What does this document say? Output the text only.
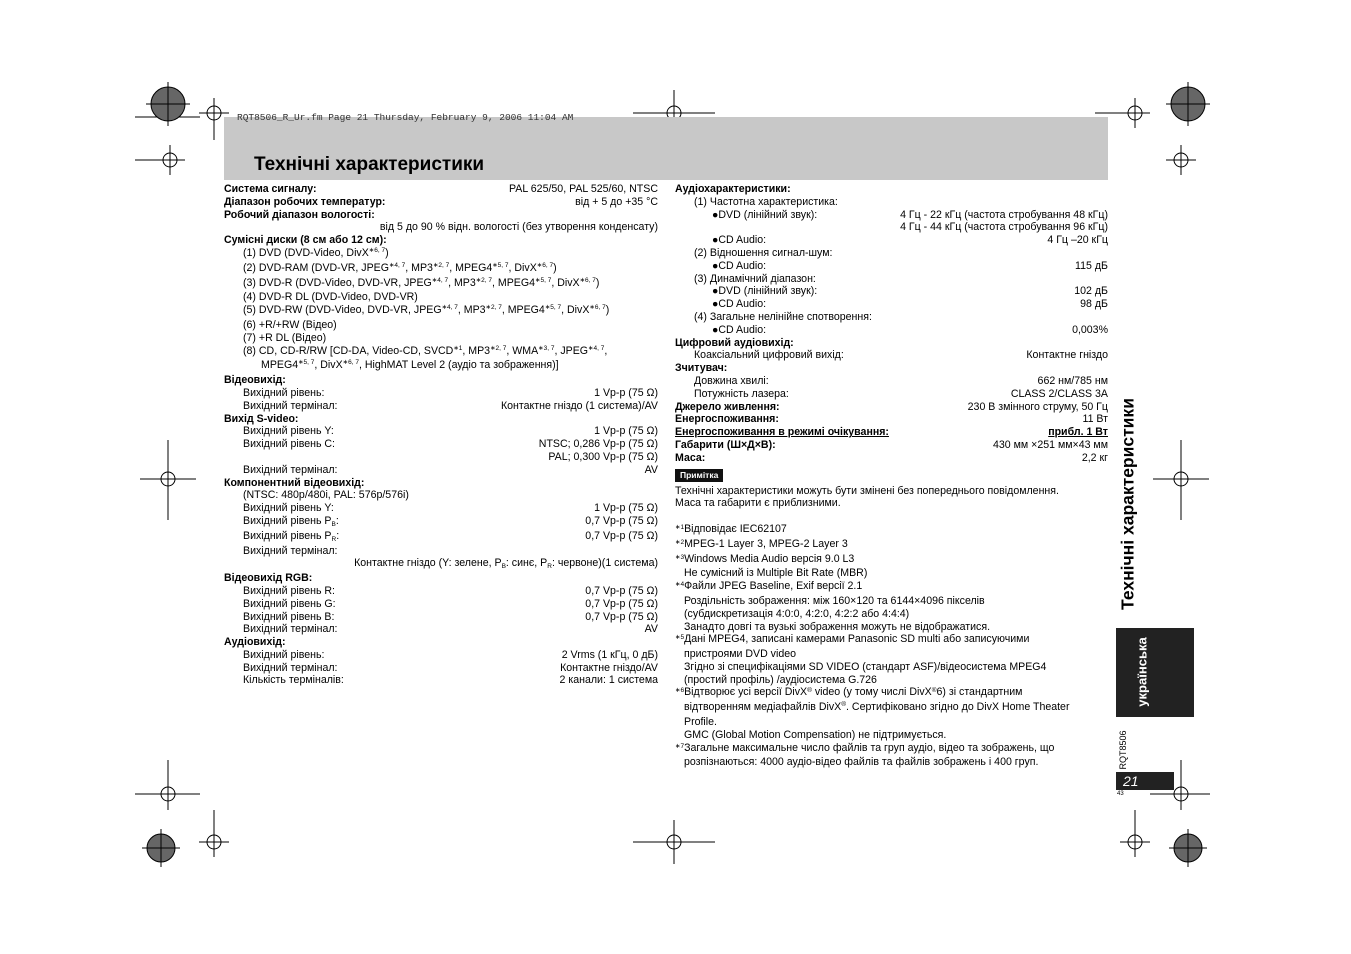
RQT8506_R_Ur.fm Page 21 Thursday, February 9, 2006 11:04 AM
Технічні характеристики
Система сигналу:	PAL 625/50, PAL 525/60, NTSC
Діапазон робочих температур:	від + 5 до +35 °C
Робочий діапазон вологості:
від 5 до 90 % відн. вологості (без утворення конденсату)
Сумісні диски (8 см або 12 см):
(1) DVD (DVD-Video, DivX$^{∗6, 7}$)
(2) DVD-RAM (DVD-VR, $JPEG^{∗4, 7}$, $MP3^{∗2, 7}$, $MPEG4^{∗5, 7}$, DivX$^{∗6, 7}$)
(3) DVD-R (DVD-Video, DVD-VR, $JPEG^{∗4, 7}$, $MP3^{∗2, 7}$, $MPEG4^{∗5, 7}$, DivX$^{∗6, 7}$)
(4) DVD-R DL (DVD-Video, DVD-VR)
(5) DVD-RW (DVD-Video, DVD-VR, $JPEG^{∗4, 7}$, $MP3^{∗2, 7}$, $MPEG4^{∗5, 7}$, DivX$^{∗6, 7}$)
(6) +R/+RW (Відео)
(7) +R DL (Відео)
(8) CD, CD-R/RW [CD-DA, Video-CD, $SVCD^{∗1}$, $MP3^{∗2, 7}$, $WMA^{∗3, 7}$, $JPEG^{∗4, 7}$,
$MPEG4^{∗5, 7}$, DivX$^{∗6, 7}$, HighMAT Level 2 (аудіо та зображення)]
Відеовихід:
Вихідний рівень:	1 Vp-p (75 Ω)
Вихідний термінал:	Контактне гніздо (1 система)/AV
Вихід S-video:
Вихідний рівень Y:	1 Vp-p (75 Ω)
Вихідний рівень C:	NTSC; 0,286 Vp-p (75 Ω)
PAL; 0,300 Vp-p (75 Ω)
Вихідний термінал:	AV
Компонентний відеовихід:
(NTSC: 480p/480i, PAL: 576p/576i)
Вихідний рівень Y:	1 Vp-p (75 Ω)
Вихідний рівень PB:	0,7 Vp-p (75 Ω)
Вихідний рівень PR:	0,7 Vp-p (75 Ω)
Вихідний термінал:
Контактне гніздо (Y: зелене, PB: синє, PR: червоне)(1 система)
Відеовихід RGB:
Вихідний рівень R:	0,7 Vp-p (75 Ω)
Вихідний рівень G:	0,7 Vp-p (75 Ω)
Вихідний рівень B:	0,7 Vp-p (75 Ω)
Вихідний термінал:	AV
Аудіовихід:
Вихідний рівень:	2 Vrms (1 кГц, 0 дБ)
Вихідний термінал:	Контактне гніздо/AV
Кількість терміналів:	2 канали: 1 система
Аудіохарактеристики:
(1) Частотна характеристика:
●DVD (лінійний звук):	4 Гц - 22 кГц (частота стробування 48 кГц)
4 Гц - 44 кГц (частота стробування 96 кГц)
●CD Audio:	4 Гц –20 кГц
(2) Відношення сигнал-шум:
●CD Audio:	115 дБ
(3) Динамічний діапазон:
●DVD (лінійний звук):	102 дБ
●CD Audio:	98 дБ
(4) Загальне нелінійне спотворення:
●CD Audio:	0,003%
Цифровий аудіовихід:
Коаксіальний цифровий вихід:	Контактне гніздо
Зчитувач:
Довжина хвилі:	662 нм/785 нм
Потужність лазера:	CLASS 2/CLASS 3A
Джерело живлення:	230 В змінного струму, 50 Гц
Енергоспоживання:	11 Вт
Енергоспоживання в режимі очікування:	прибл. 1 Вт
Габарити (Ш×Д×В):	430 мм ×251 мм×43 мм
Маса:	2,2 кг
Примітка
Технічні характеристики можуть бути змінені без попереднього повідомлення.
Маса та габарити є приблизними.
$^{∗1}$Відповідає IEC62107
$^{∗2}$MPEG-1 Layer 3, MPEG-2 Layer 3
$^{∗3}$Windows Media Audio версія 9.0 L3
Не сумісний із Multiple Bit Rate (MBR)
$^{∗4}$Файли JPEG Baseline, Exif версії 2.1
Роздільність зображення: між 160×120 та 6144×4096 пікселів
(субдискретизація 4:0:0, 4:2:0, 4:2:2 або 4:4:4)
Занадто довгі та вузькі зображення можуть не відображатися.
$^{∗5}$Дані MPEG4, записані камерами Panasonic SD multi або записуючими
пристроями DVD video
Згідно зі специфікаціями SD VIDEO (стандарт ASF)/відеосистема MPEG4
(простий профіль) /аудіосистема G.726
$^{∗6}$Відтворює усі версії DivX® video (у тому числі DivX®6) зі стандартним
відтворенням медіафайлів DivX®. Сертифіковано згідно до DivX Home Theater
Profile.
GMC (Global Motion Compensation) не підтримується.
$^{∗7}$Загальне максимальне число файлів та груп аудіо, відео та зображень, що
розпізнаються: 4000 аудіо-відео файлів та файлів зображень і 400 груп.
Технічні характеристики
українська
RQT8506
21
43
